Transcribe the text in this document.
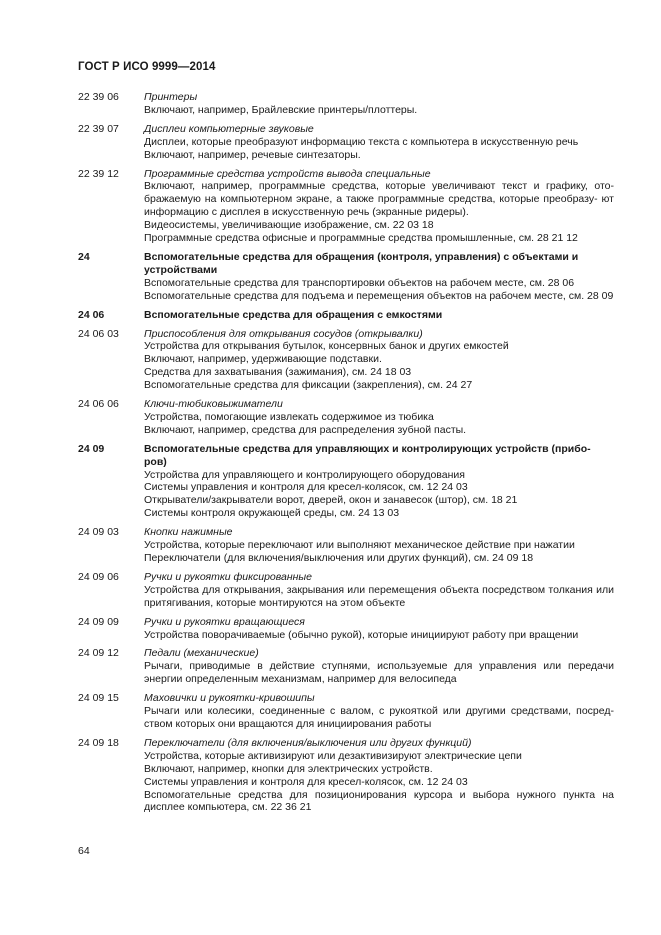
ГОСТ Р ИСО 9999—2014
22 39 06	Принтеры
Включают, например, Брайлевские принтеры/плоттеры.
22 39 07	Дисплеи компьютерные звуковые
Дисплеи, которые преобразуют информацию текста с компьютера в искусственную речь
Включают, например, речевые синтезаторы.
22 39 12	Программные средства устройств вывода специальные
Включают, например, программные средства, которые увеличивают текст и графику, ото- бражаемую на компьютерном экране, а также программные средства, которые преобразу- ют информацию с дисплея в искусственную речь (экранные ридеры).
Видеосистемы, увеличивающие изображение, см. 22 03 18
Программные средства офисные и программные средства промышленные, см. 28 21 12
24	Вспомогательные средства для обращения (контроля, управления) с объектами и устройствами
Вспомогательные средства для транспортировки объектов на рабочем месте, см. 28 06
Вспомогательные средства для подъема и перемещения объектов на рабочем месте, см. 28 09
24 06	Вспомогательные средства для обращения с емкостями
24 06 03	Приспособления для открывания сосудов (открывалки)
Устройства для открывания бутылок, консервных банок и других емкостей
Включают, например, удерживающие подставки.
Средства для захватывания (зажимания), см. 24 18 03
Вспомогательные средства для фиксации (закрепления), см. 24 27
24 06 06	Ключи-тюбиковыжиматели
Устройства, помогающие извлекать содержимое из тюбика
Включают, например, средства для распределения зубной пасты.
24 09	Вспомогательные средства для управляющих и контролирующих устройств (прибо- ров)
Устройства для управляющего и контролирующего оборудования
Системы управления и контроля для кресел-колясок, см. 12 24 03
Открыватели/закрыватели ворот, дверей, окон и занавесок (штор), см. 18 21
Системы контроля окружающей среды, см. 24 13 03
24 09 03	Кнопки нажимные
Устройства, которые переключают или выполняют механическое действие при нажатии
Переключатели (для включения/выключения или других функций), см. 24 09 18
24 09 06	Ручки и рукоятки фиксированные
Устройства для открывания, закрывания или перемещения объекта посредством толкания или притягивания, которые монтируются на этом объекте
24 09 09	Ручки и рукоятки вращающиеся
Устройства поворачиваемые (обычно рукой), которые инициируют работу при вращении
24 09 12	Педали (механические)
Рычаги, приводимые в действие ступнями, используемые для управления или передачи энергии определенным механизмам, например для велосипеда
24 09 15	Маховички и рукоятки-кривошипы
Рычаги или колесики, соединенные с валом, с рукояткой или другими средствами, посред- ством которых они вращаются для инициирования работы
24 09 18	Переключатели (для включения/выключения или других функций)
Устройства, которые активизируют или дезактивизируют электрические цепи
Включают, например, кнопки для электрических устройств.
Системы управления и контроля для кресел-колясок, см. 12 24 03
Вспомогательные средства для позиционирования курсора и выбора нужного пункта на дисплее компьютера, см. 22 36 21
64
